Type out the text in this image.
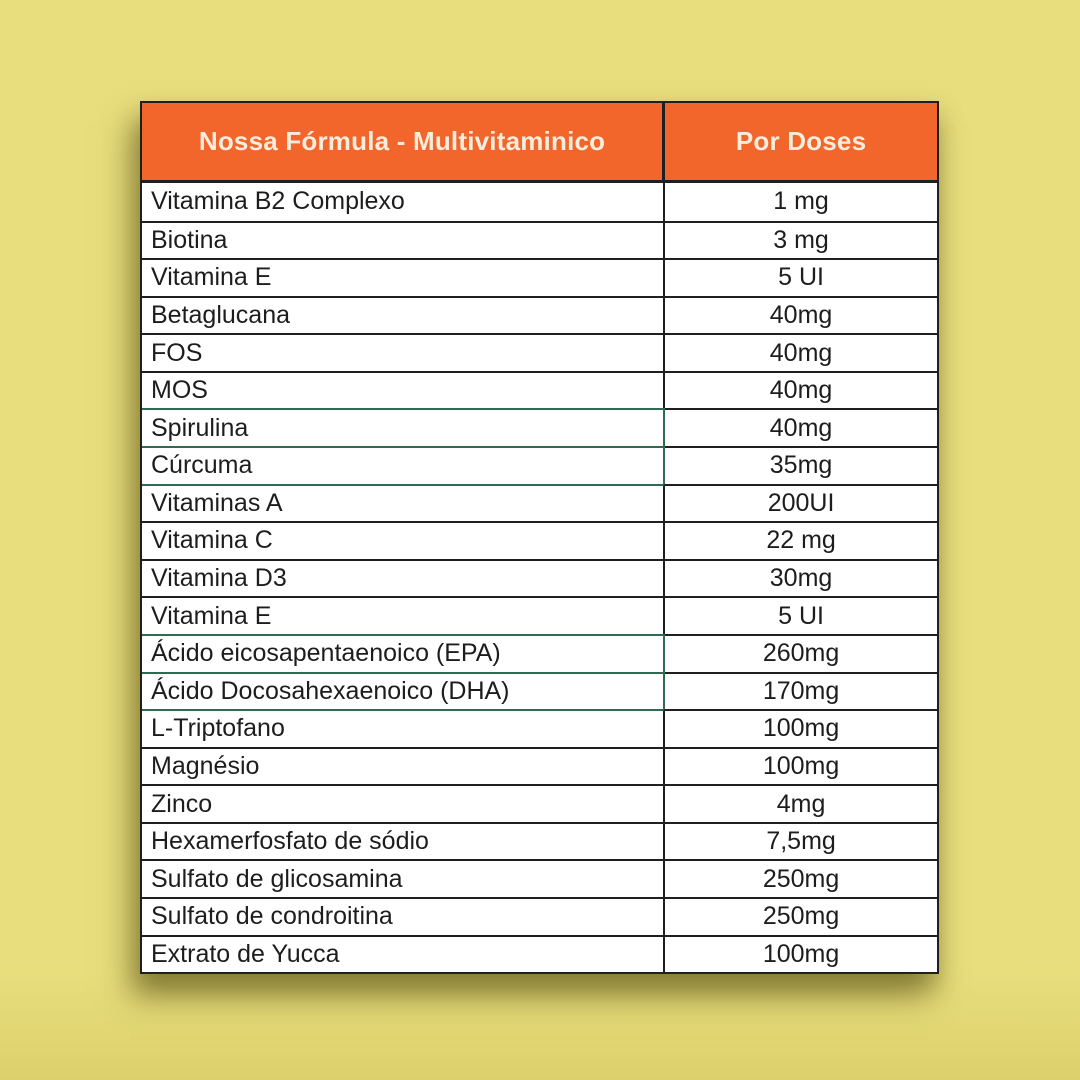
Nossa Fórmula - Multivitaminico	Por Doses
Vitamina B2 Complexo	1 mg
Biotina	3 mg
Vitamina E	5 UI
Betaglucana	40mg
FOS	40mg
MOS	40mg
Spirulina	40mg
Cúrcuma	35mg
Vitaminas A	200UI
Vitamina C	22 mg
Vitamina D3	30mg
Vitamina E	5 UI
Ácido eicosapentaenoico (EPA)	260mg
Ácido Docosahexaenoico (DHA)	170mg
L-Triptofano	100mg
Magnésio	100mg
Zinco	4mg
Hexamerfosfato de sódio	7,5mg
Sulfato de glicosamina	250mg
Sulfato de condroitina	250mg
Extrato de Yucca	100mg
